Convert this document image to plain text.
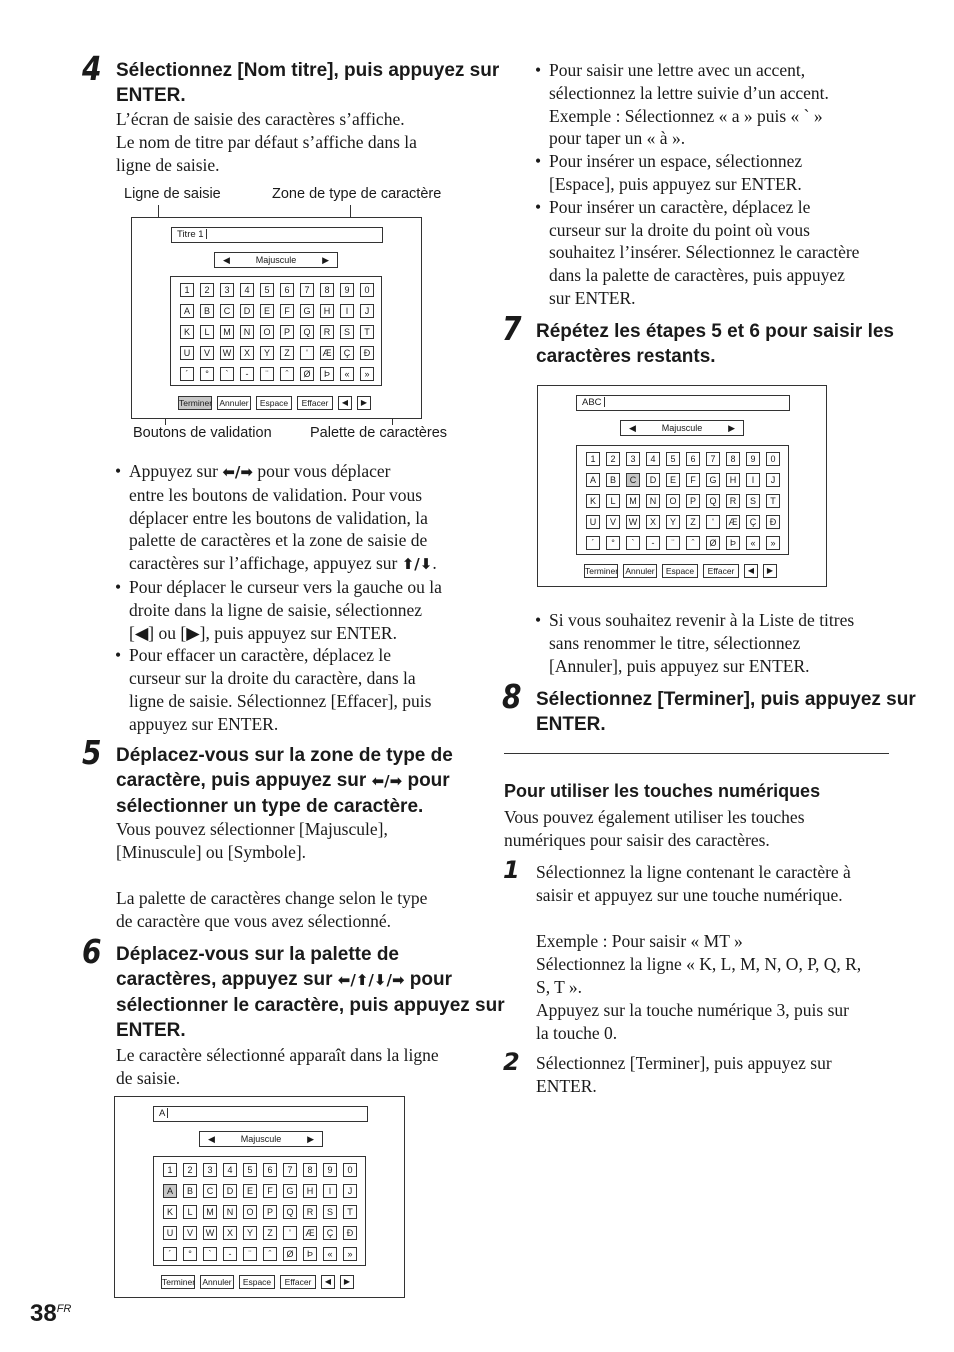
4 Sélectionnez [Nom titre], puis appuyez sur
ENTER.
L’écran de saisie des caractères s’affiche.
Le nom de titre par défaut s’affiche dans la
ligne de saisie.
Ligne de saisie	Zone de type de caractère
Boutons de validation	Palette de caractères
Titre 1
◀	Majuscule	▶
1	2	3	4	5	6	7	8	9	0
A	B	C	D	E	F	G	H	I	J
K	L	M	N	O	P	Q	R	S	T
U	V	W	X	Y	Z	'	Æ	Ç	Đ
´	°	`	-	¨	ˆ	Ø	Þ	«	»
Terminer Annuler	Espace	Effacer	◀	▶
• Appuyez sur ⬅/➡ pour vous déplacer
entre les boutons de validation. Pour vous
déplacer entre les boutons de validation, la
palette de caractères et la zone de saisie de
caractères sur l’affichage, appuyez sur ⬆/⬇.
• Pour déplacer le curseur vers la gauche ou la
droite dans la ligne de saisie, sélectionnez
[◀] ou [▶], puis appuyez sur ENTER.
• Pour effacer un caractère, déplacez le
curseur sur la droite du caractère, dans la
ligne de saisie. Sélectionnez [Effacer], puis
appuyez sur ENTER.
5 Déplacez-vous sur la zone de type de
caractère, puis appuyez sur ⬅/➡ pour
sélectionner un type de caractère.
Vous pouvez sélectionner [Majuscule],
[Minuscule] ou [Symbole].
La palette de caractères change selon le type
de caractère que vous avez sélectionné.
6 Déplacez-vous sur la palette de
caractères, appuyez sur ⬅/⬆/⬇/➡ pour
sélectionner le caractère, puis appuyez sur
ENTER.
Le caractère sélectionné apparaît dans la ligne
de saisie.
A
◀	Majuscule	▶
1	2	3	4	5	6	7	8	9	0
A	B	C	D	E	F	G	H	I	J
K	L	M	N	O	P	Q	R	S	T
U	V	W	X	Y	Z	'	Æ	Ç	Đ
´	°	`	-	¨	ˆ	Ø	Þ	«	»
Terminer Annuler	Espace	Effacer	◀	▶
$38^{FR}$
• Pour saisir une lettre avec un accent,
sélectionnez la lettre suivie d’un accent.
Exemple : Sélectionnez « a » puis « ` »
pour taper un « à ».
• Pour insérer un espace, sélectionnez
[Espace], puis appuyez sur ENTER.
• Pour insérer un caractère, déplacez le
curseur sur la droite du point où vous
souhaitez l’insérer. Sélectionnez le caractère
dans la palette de caractères, puis appuyez
sur ENTER.
7 Répétez les étapes 5 et 6 pour saisir les
caractères restants.
ABC
◀	Majuscule	▶
1	2	3	4	5	6	7	8	9	0
A	B	C	D	E	F	G	H	I	J
K	L	M	N	O	P	Q	R	S	T
U	V	W	X	Y	Z	'	Æ	Ç	Đ
´	°	`	-	¨	ˆ	Ø	Þ	«	»
Terminer Annuler	Espace	Effacer	◀	▶
• Si vous souhaitez revenir à la Liste de titres
sans renommer le titre, sélectionnez
[Annuler], puis appuyez sur ENTER.
8 Sélectionnez [Terminer], puis appuyez sur
ENTER.
Pour utiliser les touches numériques
Vous pouvez également utiliser les touches
numériques pour saisir des caractères.
1 Sélectionnez la ligne contenant le caractère à
saisir et appuyez sur une touche numérique.
Exemple : Pour saisir « MT »
Sélectionnez la ligne « K, L, M, N, O, P, Q, R,
S, T ».
Appuyez sur la touche numérique 3, puis sur
la touche 0.
2 Sélectionnez [Terminer], puis appuyez sur
ENTER.
